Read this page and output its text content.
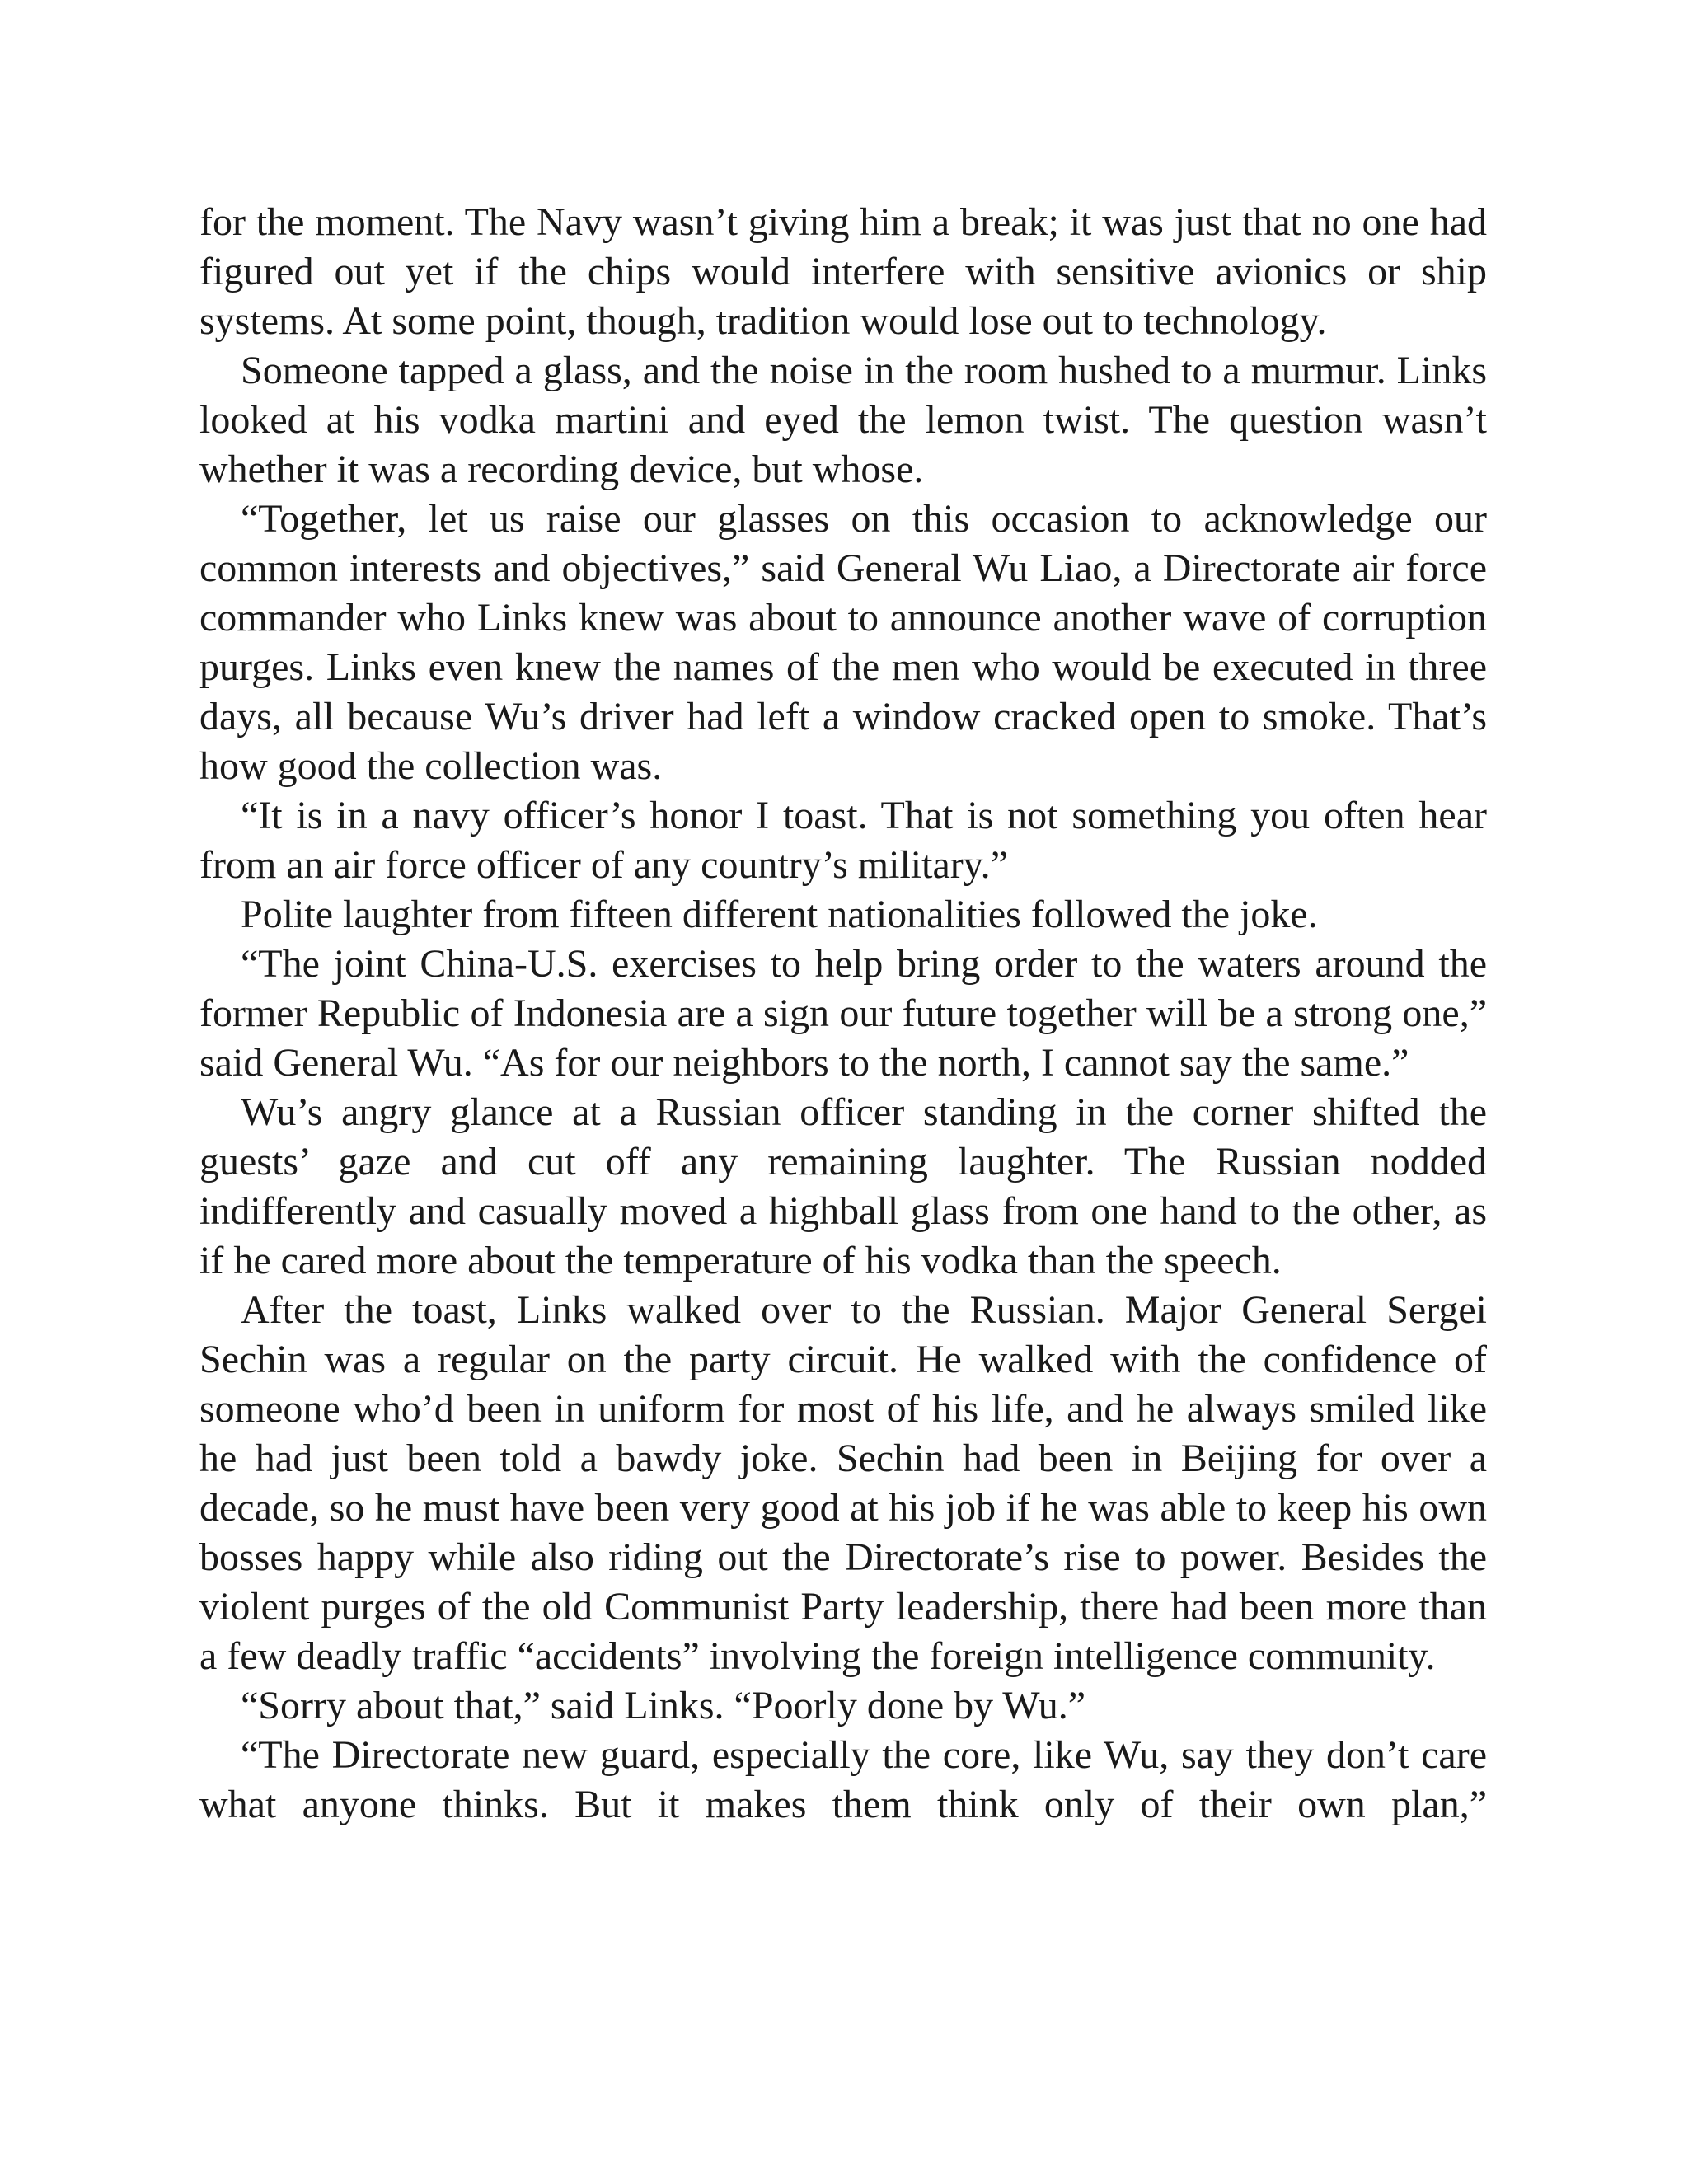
for the moment. The Navy wasn’t giving him a break; it was just that no one had figured out yet if the chips would interfere with sensitive avionics or ship systems. At some point, though, tradition would lose out to technology.

Someone tapped a glass, and the noise in the room hushed to a murmur. Links looked at his vodka martini and eyed the lemon twist. The question wasn’t whether it was a recording device, but whose.

“Together, let us raise our glasses on this occasion to acknowledge our common interests and objectives,” said General Wu Liao, a Directorate air force commander who Links knew was about to announce another wave of corruption purges. Links even knew the names of the men who would be executed in three days, all because Wu’s driver had left a window cracked open to smoke. That’s how good the collection was.

“It is in a navy officer’s honor I toast. That is not something you often hear from an air force officer of any country’s military.”

Polite laughter from fifteen different nationalities followed the joke.

“The joint China-U.S. exercises to help bring order to the waters around the former Republic of Indonesia are a sign our future together will be a strong one,” said General Wu. “As for our neighbors to the north, I cannot say the same.”

Wu’s angry glance at a Russian officer standing in the corner shifted the guests’ gaze and cut off any remaining laughter. The Russian nodded indifferently and casually moved a highball glass from one hand to the other, as if he cared more about the temperature of his vodka than the speech.

After the toast, Links walked over to the Russian. Major General Sergei Sechin was a regular on the party circuit. He walked with the confidence of someone who’d been in uniform for most of his life, and he always smiled like he had just been told a bawdy joke. Sechin had been in Beijing for over a decade, so he must have been very good at his job if he was able to keep his own bosses happy while also riding out the Directorate’s rise to power. Besides the violent purges of the old Communist Party leadership, there had been more than a few deadly traffic “accidents” involving the foreign intelligence community.

“Sorry about that,” said Links. “Poorly done by Wu.”

“The Directorate new guard, especially the core, like Wu, say they don’t care what anyone thinks. But it makes them think only of their own plan,”
